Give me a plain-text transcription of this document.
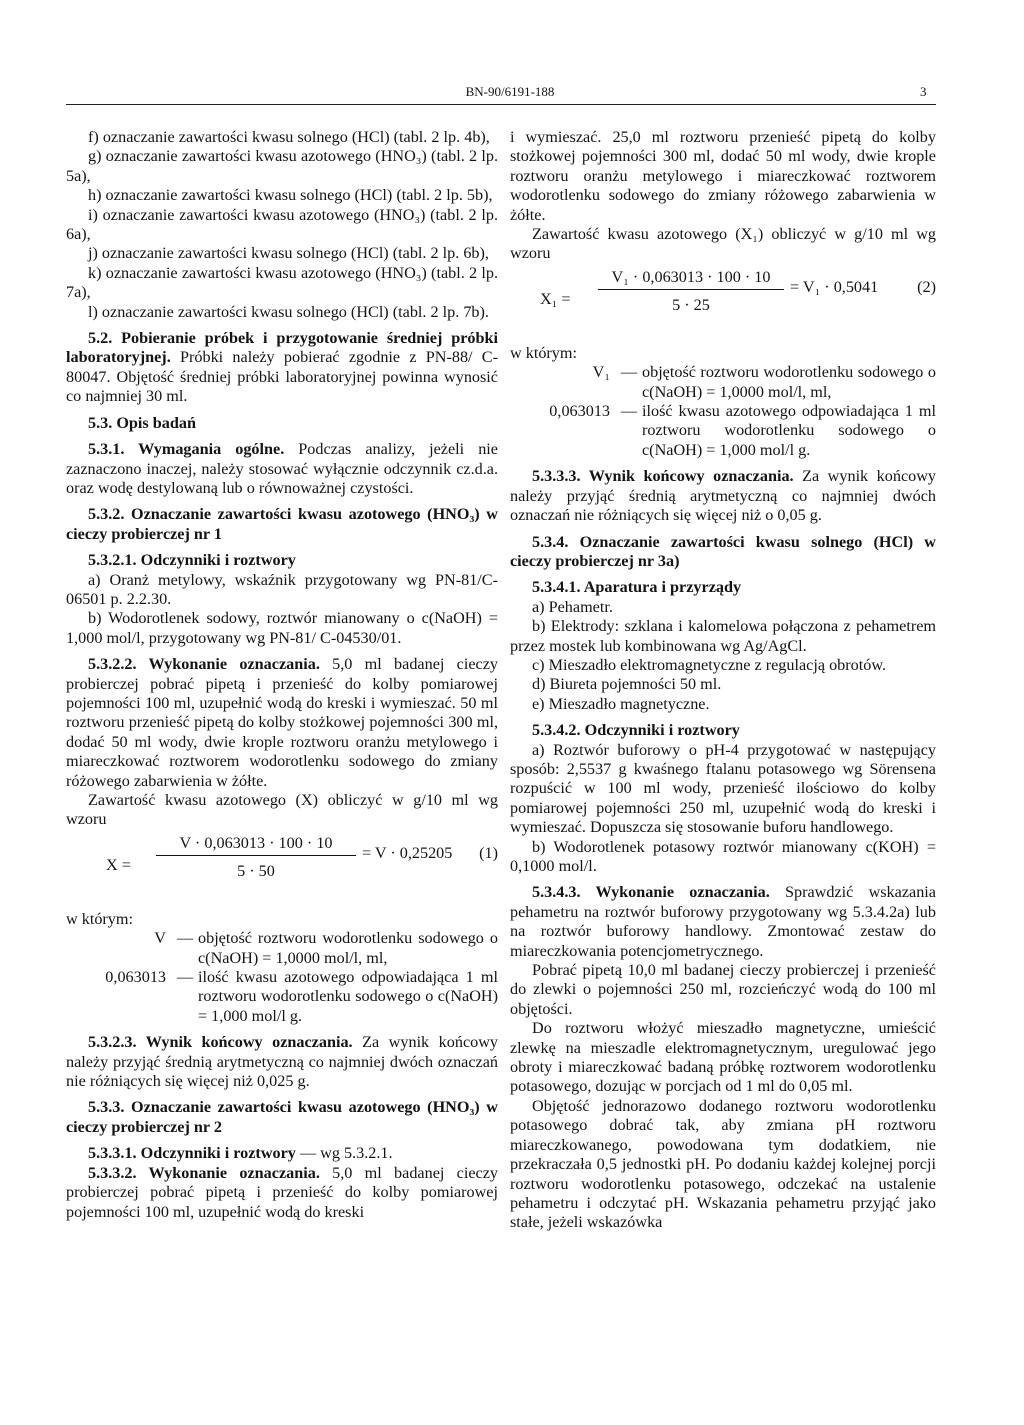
BN-90/6191-188	3

f) oznaczanie zawartości kwasu solnego (HCl) (tabl. 2 lp. 4b),

g) oznaczanie zawartości kwasu azotowego (HNO₃) (tabl. 2 lp. 5a),

h) oznaczanie zawartości kwasu solnego (HCl) (tabl. 2 lp. 5b),

i) oznaczanie zawartości kwasu azotowego (HNO₃) (tabl. 2 lp. 6a),

j) oznaczanie zawartości kwasu solnego (HCl) (tabl. 2 lp. 6b),

k) oznaczanie zawartości kwasu azotowego (HNO₃) (tabl. 2 lp. 7a),

l) oznaczanie zawartości kwasu solnego (HCl) (tabl. 2 lp. 7b).

5.2. Pobieranie próbek i przygotowanie średniej próbki laboratoryjnej. Próbki należy pobierać zgodnie z PN-88/ C-80047. Objętość średniej próbki laboratoryjnej powinna wynosić co najmniej 30 ml.

5.3. Opis badań

5.3.1. Wymagania ogólne. Podczas analizy, jeżeli nie zaznaczono inaczej, należy stosować wyłącznie odczynnik cz.d.a. oraz wodę destylowaną lub o równoważnej czystości.

5.3.2. Oznaczanie zawartości kwasu azotowego (HNO₃) w cieczy probierczej nr 1

5.3.2.1. Odczynniki i roztwory

a) Oranż metylowy, wskaźnik przygotowany wg PN-81/C-06501 p. 2.2.30.

b) Wodorotlenek sodowy, roztwór mianowany o c(NaOH) = 1,000 mol/l, przygotowany wg PN-81/ C-04530/01.

5.3.2.2. Wykonanie oznaczania. 5,0 ml badanej cieczy probierczej pobrać pipetą i przenieść do kolby pomiarowej pojemności 100 ml, uzupełnić wodą do kreski i wymieszać. 50 ml roztworu przenieść pipetą do kolby stożkowej pojemności 300 ml, dodać 50 ml wody, dwie krople roztworu oranżu metylowego i miareczkować roztworem wodorotlenku sodowego do zmiany różowego zabarwienia w żółte.

Zawartość kwasu azotowego (X) obliczyć w g/10 ml wg wzoru

X =
V · 0,063013 · 100 · 10
5 · 50
= V · 0,25205 (1)

w którym:

V — objętość roztworu wodorotlenku sodowego o c(NaOH) = 1,0000 mol/l, ml,
0,063013 — ilość kwasu azotowego odpowiadająca 1 ml roztworu wodorotlenku sodowego o c(NaOH) = 1,000 mol/l g.

5.3.2.3. Wynik końcowy oznaczania. Za wynik końcowy należy przyjąć średnią arytmetyczną co najmniej dwóch oznaczań nie różniących się więcej niż 0,025 g.

5.3.3. Oznaczanie zawartości kwasu azotowego (HNO₃) w cieczy probierczej nr 2

5.3.3.1. Odczynniki i roztwory — wg 5.3.2.1.

5.3.3.2. Wykonanie oznaczania. 5,0 ml badanej cieczy probierczej pobrać pipetą i przenieść do kolby pomiarowej pojemności 100 ml, uzupełnić wodą do kreski

i wymieszać. 25,0 ml roztworu przenieść pipetą do kolby stożkowej pojemności 300 ml, dodać 50 ml wody, dwie krople roztworu oranżu metylowego i miareczkować roztworem wodorotlenku sodowego do zmiany różowego zabarwienia w żółte.

Zawartość kwasu azotowego (X₁) obliczyć w g/10 ml wg wzoru

X₁ =
V₁ · 0,063013 · 100 · 10
5 · 25
= V₁ · 0,5041 (2)

w którym:

V₁ — objętość roztworu wodorotlenku sodowego o c(NaOH) = 1,0000 mol/l, ml,
0,063013 — ilość kwasu azotowego odpowiadająca 1 ml roztworu wodorotlenku sodowego o c(NaOH) = 1,000 mol/l g.

5.3.3.3. Wynik końcowy oznaczania. Za wynik końcowy należy przyjąć średnią arytmetyczną co najmniej dwóch oznaczań nie różniących się więcej niż o 0,05 g.

5.3.4. Oznaczanie zawartości kwasu solnego (HCl) w cieczy probierczej nr 3a)

5.3.4.1. Aparatura i przyrządy

a) Pehametr.

b) Elektrody: szklana i kalomelowa połączona z pehametrem przez mostek lub kombinowana wg Ag/AgCl.

c) Mieszadło elektromagnetyczne z regulacją obrotów.

d) Biureta pojemności 50 ml.

e) Mieszadło magnetyczne.

5.3.4.2. Odczynniki i roztwory

a) Roztwór buforowy o pH-4 przygotować w następujący sposób: 2,5537 g kwaśnego ftalanu potasowego wg Sörensena rozpuścić w 100 ml wody, przenieść ilościowo do kolby pomiarowej pojemności 250 ml, uzupełnić wodą do kreski i wymieszać. Dopuszcza się stosowanie buforu handlowego.

b) Wodorotlenek potasowy roztwór mianowany c(KOH) = 0,1000 mol/l.

5.3.4.3. Wykonanie oznaczania. Sprawdzić wskazania pehametru na roztwór buforowy przygotowany wg 5.3.4.2a) lub na roztwór buforowy handlowy. Zmontować zestaw do miareczkowania potencjometrycznego.

Pobrać pipetą 10,0 ml badanej cieczy probierczej i przenieść do zlewki o pojemności 250 ml, rozcieńczyć wodą do 100 ml objętości.

Do roztworu włożyć mieszadło magnetyczne, umieścić zlewkę na mieszadle elektromagnetycznym, uregulować jego obroty i miareczkować badaną próbkę roztworem wodorotlenku potasowego, dozując w porcjach od 1 ml do 0,05 ml.

Objętość jednorazowo dodanego roztworu wodorotlenku potasowego dobrać tak, aby zmiana pH roztworu miareczkowanego, powodowana tym dodatkiem, nie przekraczała 0,5 jednostki pH. Po dodaniu każdej kolejnej porcji roztworu wodorotlenku potasowego, odczekać na ustalenie pehametru i odczytać pH. Wskazania pehametru przyjąć jako stałe, jeżeli wskazówka
